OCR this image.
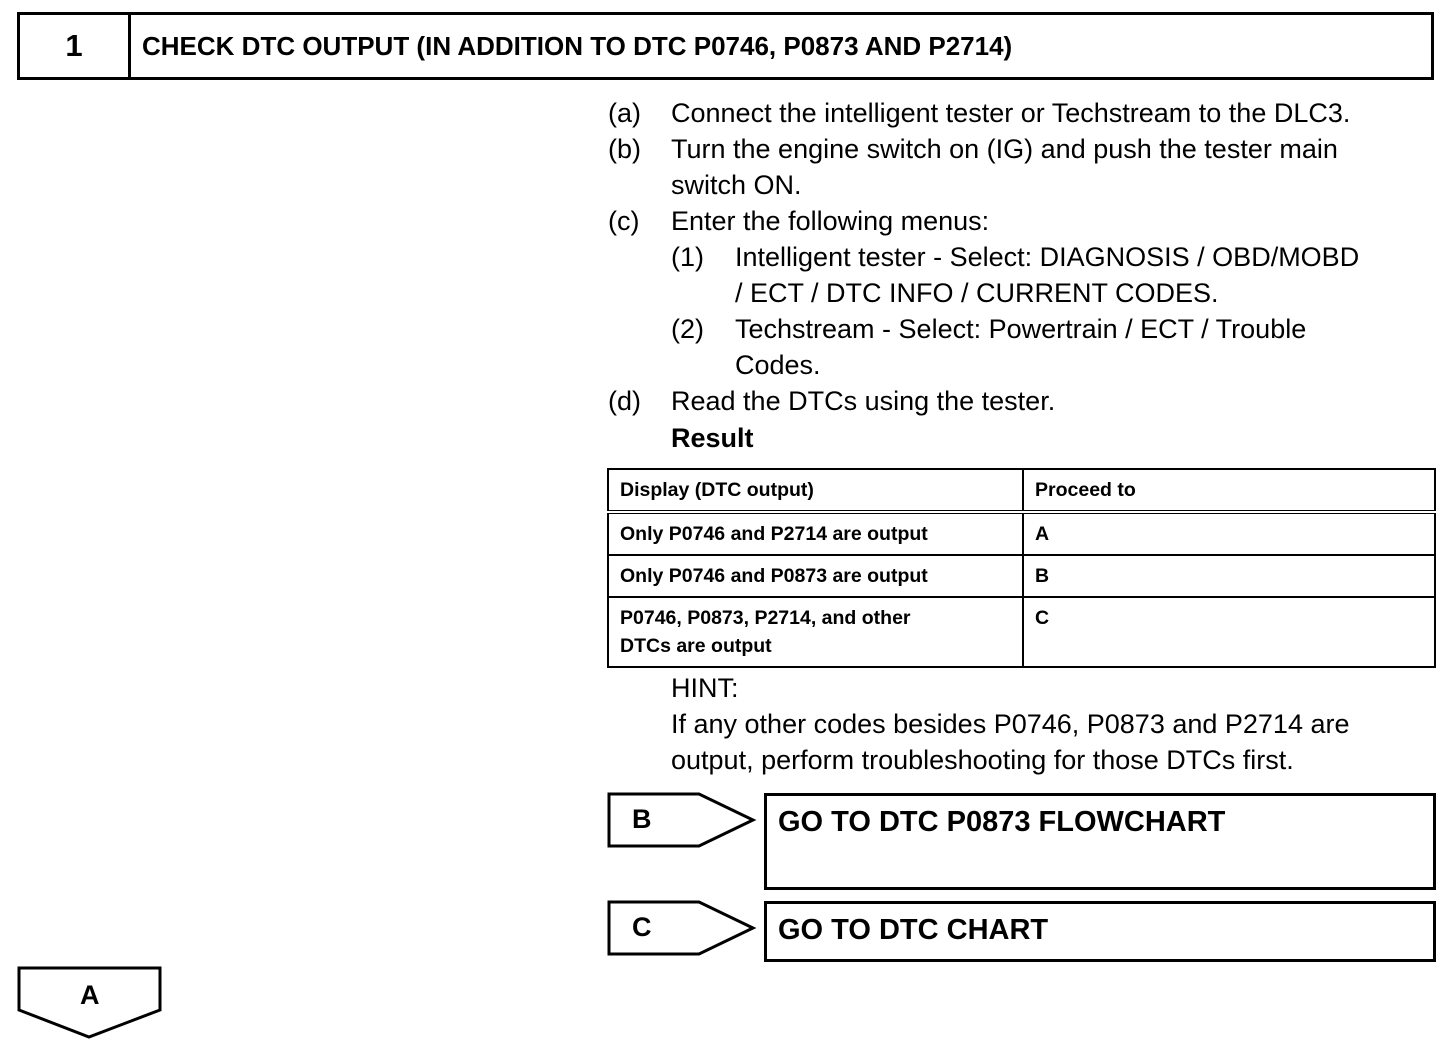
1	CHECK DTC OUTPUT (IN ADDITION TO DTC P0746, P0873 AND P2714)
(a) Connect the intelligent tester or Techstream to the DLC3.
(b) Turn the engine switch on (IG) and push the tester main
switch ON.
(c) Enter the following menus:
(1) Intelligent tester - Select: DIAGNOSIS / OBD/MOBD
/ ECT / DTC INFO / CURRENT CODES.
(2) Techstream - Select: Powertrain / ECT / Trouble
Codes.
(d) Read the DTCs using the tester.
Result
Display (DTC output)	Proceed to
Only P0746 and P2714 are output	A
Only P0746 and P0873 are output	B

P0746, P0873, P2714, and other
DTCs are output	C
HINT:
If any other codes besides P0746, P0873 and P2714 are
output, perform troubleshooting for those DTCs first.
B	GO TO DTC P0873 FLOWCHART
C	GO TO DTC CHART
A
